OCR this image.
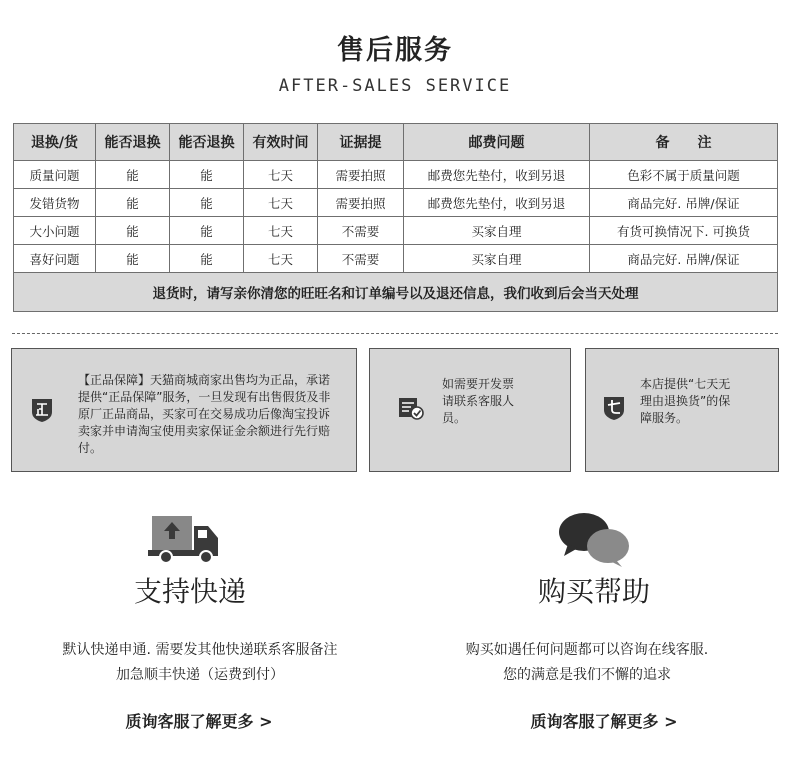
售后服务
AFTER-SALES SERVICE
退换/货	能否退换	能否退换	有效时间	证据提	邮费问题	备　　注
质量问题	能	能	七天	需要拍照	邮费您先垫付，收到另退	色彩不属于质量问题
发错货物	能	能	七天	需要拍照	邮费您先垫付，收到另退	商品完好. 吊牌/保证
大小问题	能	能	七天	不需要	买家自理	有货可换情况下. 可换货
喜好问题	能	能	七天	不需要	买家自理	商品完好. 吊牌/保证
退货时，请写亲你清您的旺旺名和订单编号以及退还信息，我们收到后会当天处理						
【正品保障】天猫商城商家出售均为正品，承诺
提供“正品保障”服务，一旦发现有出售假货及非
原厂正品商品，买家可在交易成功后像淘宝投诉
卖家并申请淘宝使用卖家保证金余额进行先行赔
付。
如需要开发票
请联系客服人
员。
本店提供“七天无
理由退换货”的保
障服务。
支持快递
默认快递申通. 需要发其他快递联系客服备注
加急顺丰快递（运费到付）
质询客服了解更多 >
购买帮助
购买如遇任何问题都可以咨询在线客服.
您的满意是我们不懈的追求
质询客服了解更多 >
